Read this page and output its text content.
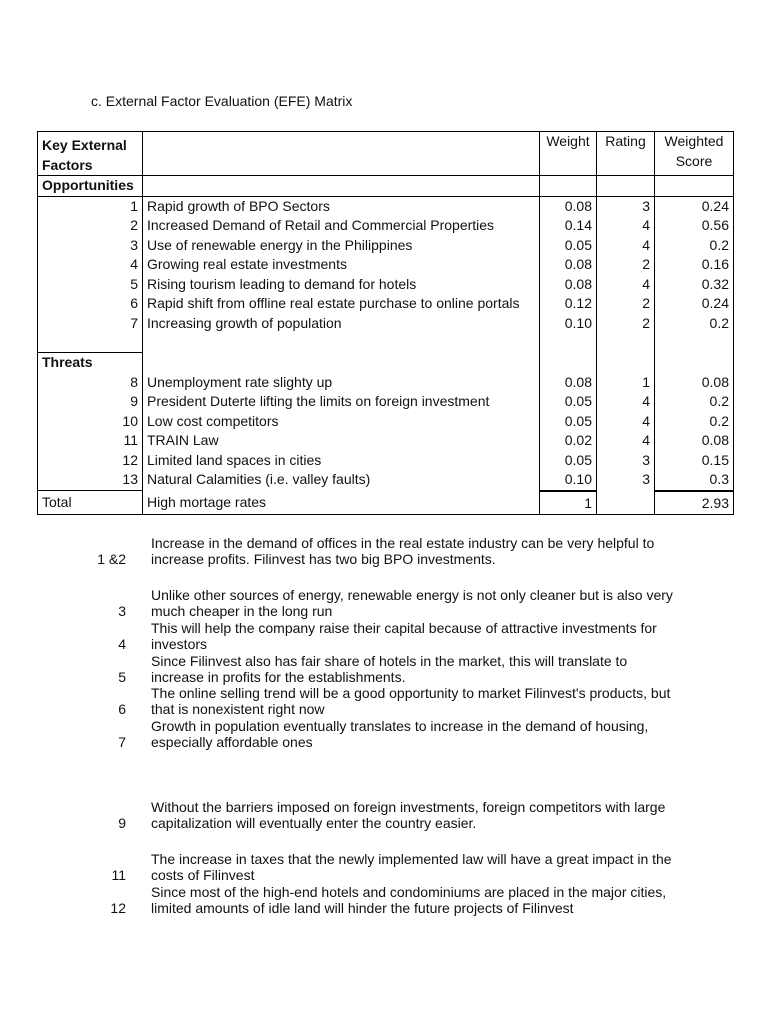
c. External Factor Evaluation (EFE) Matrix
Key External
Factors		Weight	Rating	Weighted
Score
Opportunities				
1	Rapid growth of BPO Sectors	0.08	3	0.24
2	Increased Demand of Retail and Commercial Properties	0.14	4	0.56
3	Use of renewable energy in the Philippines	0.05	4	0.2
4	Growing real estate investments	0.08	2	0.16
5	Rising tourism leading to demand for hotels	0.08	4	0.32
6	Rapid shift from offline real estate purchase to online portals	0.12	2	0.24
7	Increasing growth of population	0.10	2	0.2

Threats				
8	Unemployment rate slighty up	0.08	1	0.08
9	President Duterte lifting the limits on foreign investment	0.05	4	0.2
10	Low cost competitors	0.05	4	0.2
11	TRAIN Law	0.02	4	0.08
12	Limited land spaces in cities	0.05	3	0.15
13	Natural Calamities (i.e. valley faults)	0.10	3	0.3
Total	High mortage rates	1		2.93
1 &2
Increase in the demand of offices in the real estate industry can be very helpful to
increase profits. Filinvest has two big BPO investments.
3
Unlike other sources of energy, renewable energy is not only cleaner but is also very
much cheaper in the long run
4
This will help the company raise their capital because of attractive investments for
investors
5
Since Filinvest also has fair share of hotels in the market, this will translate to
increase in profits for the establishments.
6
The online selling trend will be a good opportunity to market Filinvest's products, but
that is nonexistent right now
7
Growth in population eventually translates to increase in the demand of housing,
especially affordable ones
9
Without the barriers imposed on foreign investments, foreign competitors with large
capitalization will eventually enter the country easier.
11
The increase in taxes that the newly implemented law will have a great impact in the
costs of Filinvest
12
Since most of the high-end hotels and condominiums are placed in the major cities,
limited amounts of idle land will hinder the future projects of Filinvest
